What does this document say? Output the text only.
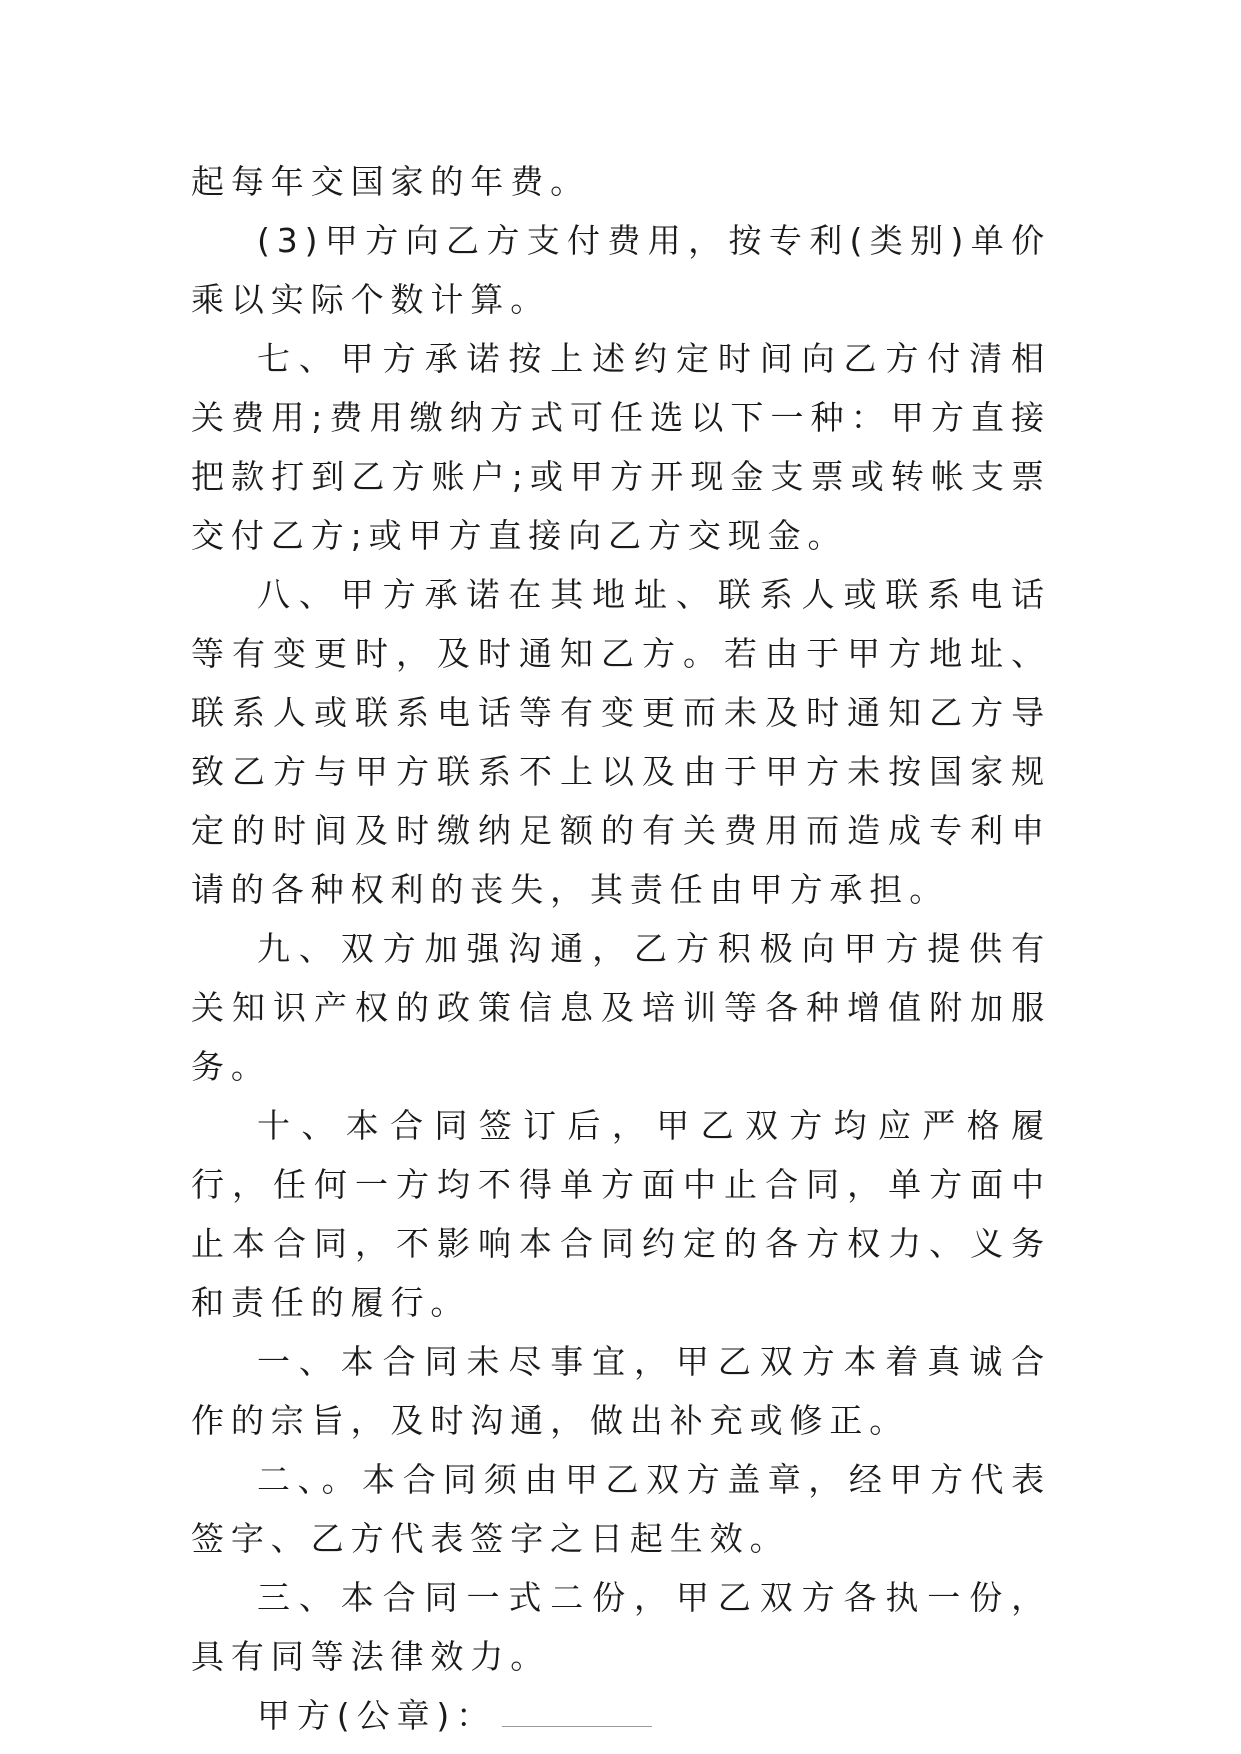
起每年交国家的年费。

(3)甲方向乙方支付费用，按专利(类别)单价乘以实际个数计算。

七、甲方承诺按上述约定时间向乙方付清相关费用;费用缴纳方式可任选以下一种：甲方直接把款打到乙方账户;或甲方开现金支票或转帐支票交付乙方;或甲方直接向乙方交现金。

八、甲方承诺在其地址、联系人或联系电话等有变更时，及时通知乙方。若由于甲方地址、联系人或联系电话等有变更而未及时通知乙方导致乙方与甲方联系不上以及由于甲方未按国家规定的时间及时缴纳足额的有关费用而造成专利申请的各种权利的丧失，其责任由甲方承担。

九、双方加强沟通，乙方积极向甲方提供有关知识产权的政策信息及培训等各种增值附加服务。

十、本合同签订后，甲乙双方均应严格履行，任何一方均不得单方面中止合同，单方面中止本合同，不影响本合同约定的各方权力、义务和责任的履行。

一、本合同未尽事宜，甲乙双方本着真诚合作的宗旨，及时沟通，做出补充或修正。

二、。本合同须由甲乙双方盖章，经甲方代表签字、乙方代表签字之日起生效。

三、本合同一式二份，甲乙双方各执一份，具有同等法律效力。

甲方(公章)：
